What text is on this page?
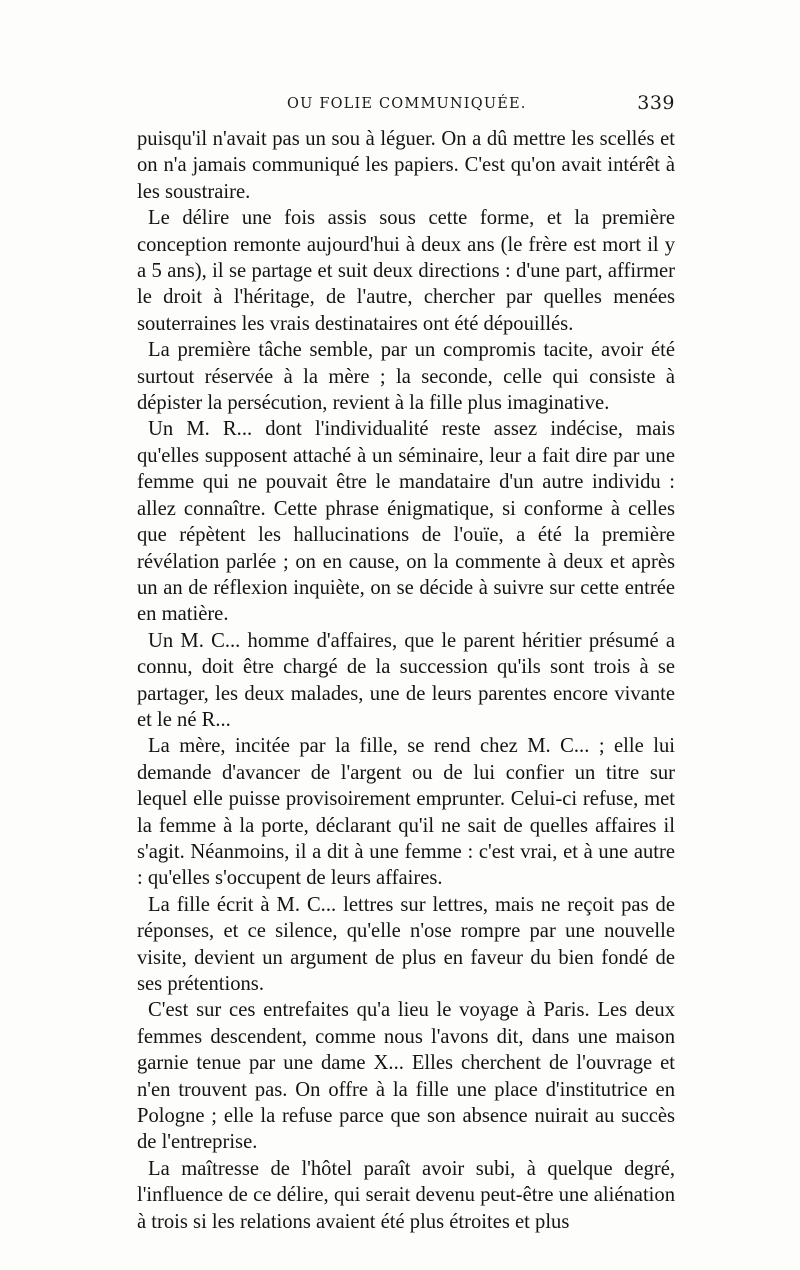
OU FOLIE COMMUNIQUÉE.	339

puisqu'il n'avait pas un sou à léguer. On a dû mettre les scellés et on n'a jamais communiqué les papiers. C'est qu'on avait intérêt à les soustraire.

Le délire une fois assis sous cette forme, et la première conception remonte aujourd'hui à deux ans (le frère est mort il y a 5 ans), il se partage et suit deux directions : d'une part, affirmer le droit à l'héritage, de l'autre, chercher par quelles menées souterraines les vrais destinataires ont été dépouillés.

La première tâche semble, par un compromis tacite, avoir été surtout réservée à la mère ; la seconde, celle qui consiste à dépister la persécution, revient à la fille plus imaginative.

Un M. R... dont l'individualité reste assez indécise, mais qu'elles supposent attaché à un séminaire, leur a fait dire par une femme qui ne pouvait être le mandataire d'un autre individu : allez connaître. Cette phrase énigmatique, si conforme à celles que répètent les hallucinations de l'ouïe, a été la première révélation parlée ; on en cause, on la commente à deux et après un an de réflexion inquiète, on se décide à suivre sur cette entrée en matière.

Un M. C... homme d'affaires, que le parent héritier présumé a connu, doit être chargé de la succession qu'ils sont trois à se partager, les deux malades, une de leurs parentes encore vivante et le né R...

La mère, incitée par la fille, se rend chez M. C... ; elle lui demande d'avancer de l'argent ou de lui confier un titre sur lequel elle puisse provisoirement emprunter. Celui-ci refuse, met la femme à la porte, déclarant qu'il ne sait de quelles affaires il s'agit. Néanmoins, il a dit à une femme : c'est vrai, et à une autre : qu'elles s'occupent de leurs affaires.

La fille écrit à M. C... lettres sur lettres, mais ne reçoit pas de réponses, et ce silence, qu'elle n'ose rompre par une nouvelle visite, devient un argument de plus en faveur du bien fondé de ses prétentions.

C'est sur ces entrefaites qu'a lieu le voyage à Paris. Les deux femmes descendent, comme nous l'avons dit, dans une maison garnie tenue par une dame X... Elles cherchent de l'ouvrage et n'en trouvent pas. On offre à la fille une place d'institutrice en Pologne ; elle la refuse parce que son absence nuirait au succès de l'entreprise.

La maîtresse de l'hôtel paraît avoir subi, à quelque degré, l'influence de ce délire, qui serait devenu peut-être une aliénation à trois si les relations avaient été plus étroites et plus
